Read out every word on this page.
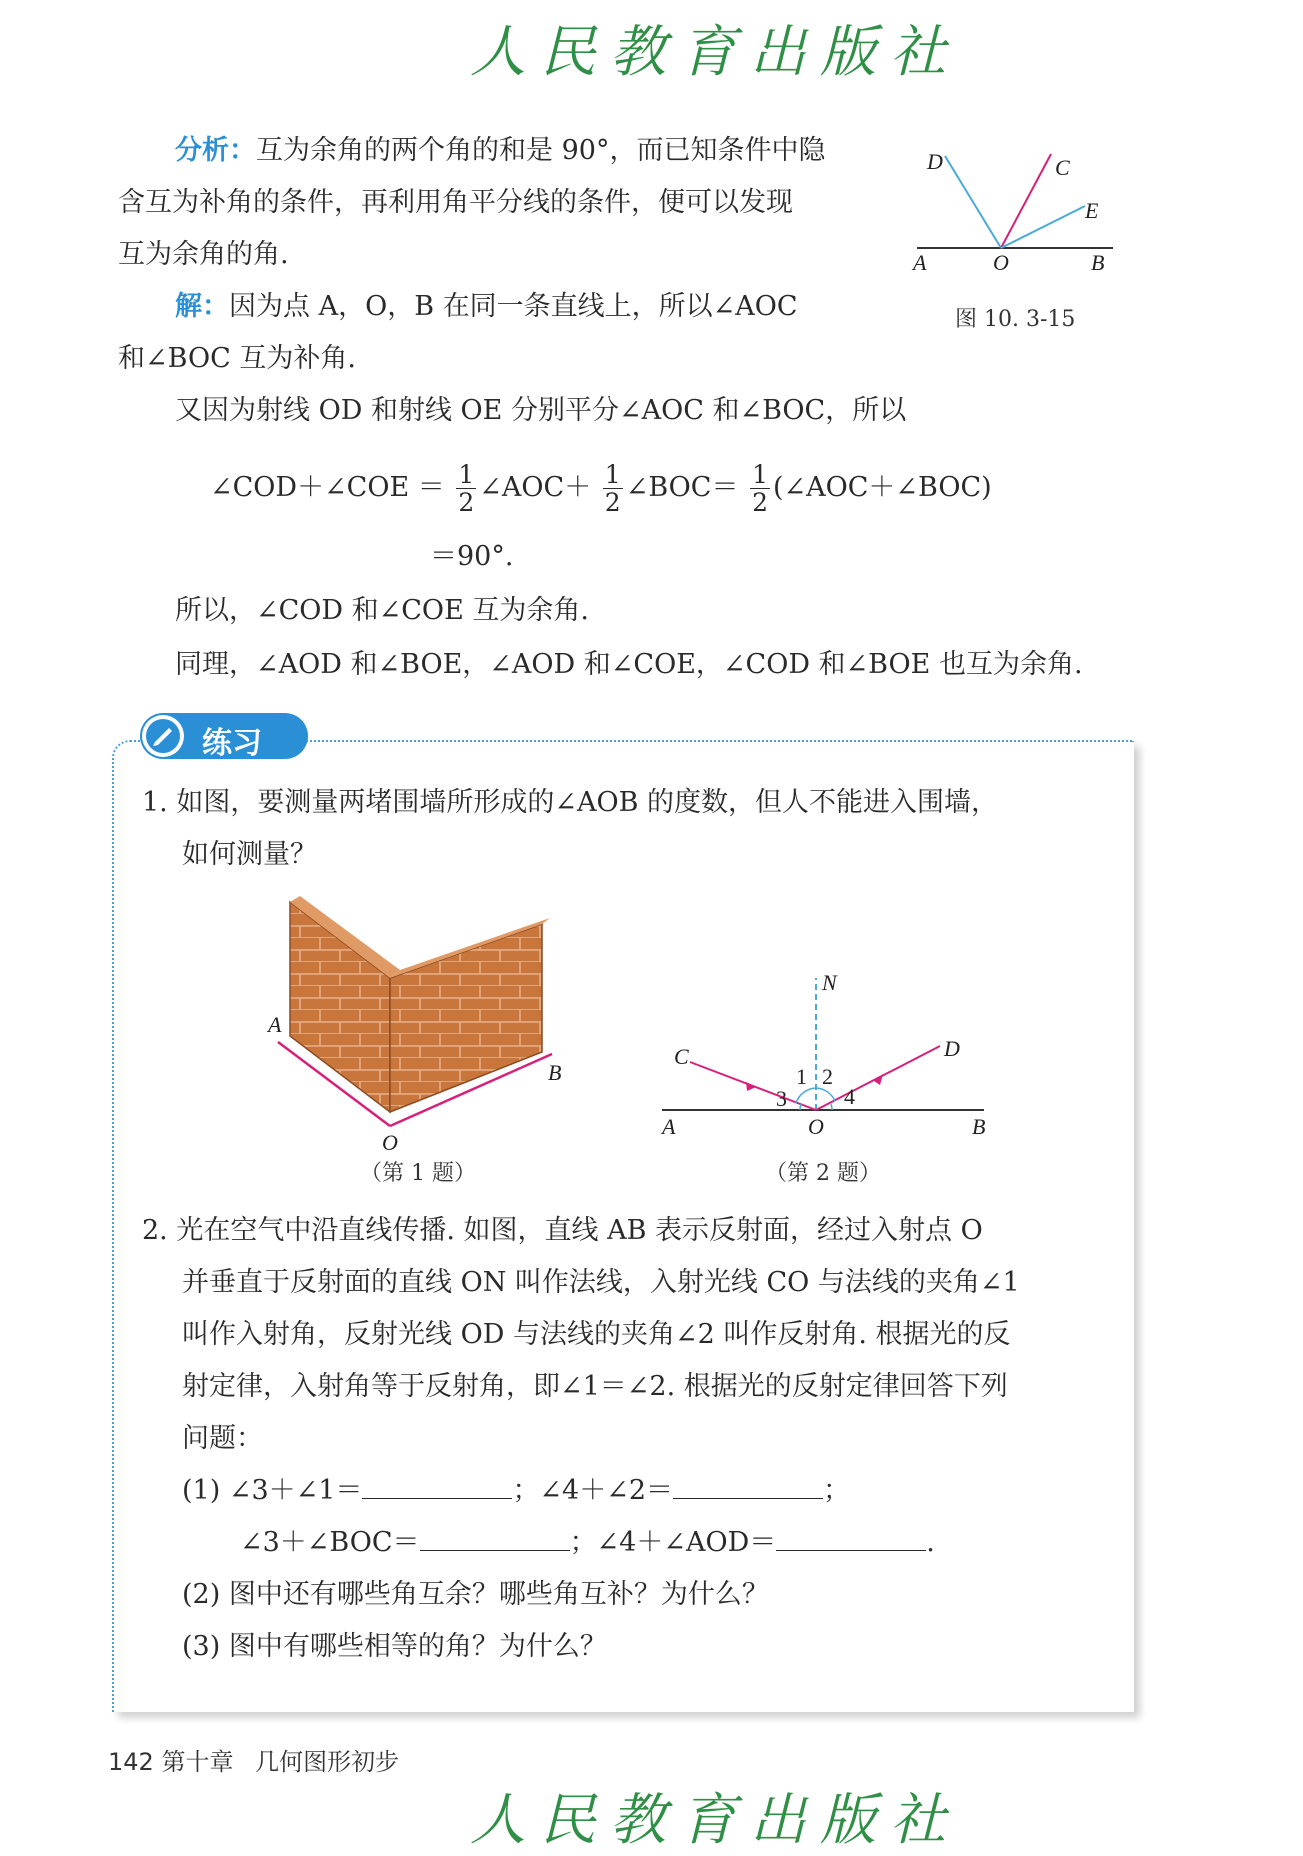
人民教育出版社
分析：互为余角的两个角的和是 90°，而已知条件中隐
含互为补角的条件，再利用角平分线的条件，便可以发现
互为余角的角.
解：因为点 A，O，B 在同一条直线上，所以∠AOC
和∠BOC 互为补角.
又因为射线 OD 和射线 OE 分别平分∠AOC 和∠BOC，所以
∠COD＋∠COE ＝ $\frac{1}{2}$ ∠AOC＋ $\frac{1}{2}$ ∠BOC＝ $\frac{1}{2}$ (∠AOC＋∠BOC)
＝90°.
所以，∠COD 和∠COE 互为余角.
同理，∠AOD 和∠BOE，∠AOD 和∠COE，∠COD 和∠BOE 也互为余角.
D	C
E
A	O	B
图 10. 3-15
练习
1. 如图，要测量两堵围墙所形成的∠AOB 的度数，但人不能进入围墙，
如何测量？
A
O
B
（第 1 题）
N
C	D
A	O	B
1 2
3	4
（第 2 题）
2. 光在空气中沿直线传播. 如图，直线 AB 表示反射面，经过入射点 O
并垂直于反射面的直线 ON 叫作法线，入射光线 CO 与法线的夹角∠1
叫作入射角，反射光线 OD 与法线的夹角∠2 叫作反射角. 根据光的反
射定律，入射角等于反射角，即∠1＝∠2. 根据光的反射定律回答下列
问题：
(1) ∠3＋∠1＝	；∠4＋∠2＝	；
∠3＋∠BOC＝	；∠4＋∠AOD＝	.
(2) 图中还有哪些角互余？哪些角互补？为什么？
(3) 图中有哪些相等的角？为什么？
142 第十章 几何图形初步
人民教育出版社
